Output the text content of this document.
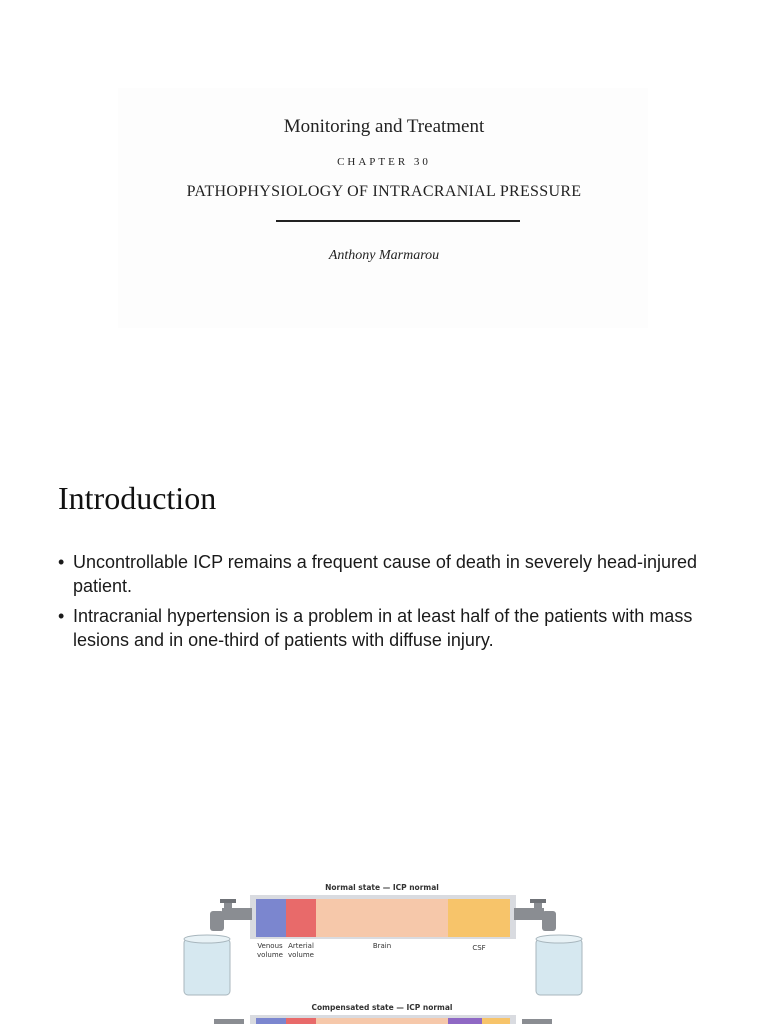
Monitoring and Treatment
CHAPTER 30
PATHOPHYSIOLOGY OF INTRACRANIAL PRESSURE
Anthony Marmarou
Introduction
• Uncontrollable ICP remains a frequent cause of death in severely head-injured patient.
• Intracranial hypertension is a problem in at least half of the patients with mass lesions and in one-third of patients with diffuse injury.
Normal state — ICP normal
Venous
volume
Arterial
volume
Brain	CSF
Compensated state — ICP normal
